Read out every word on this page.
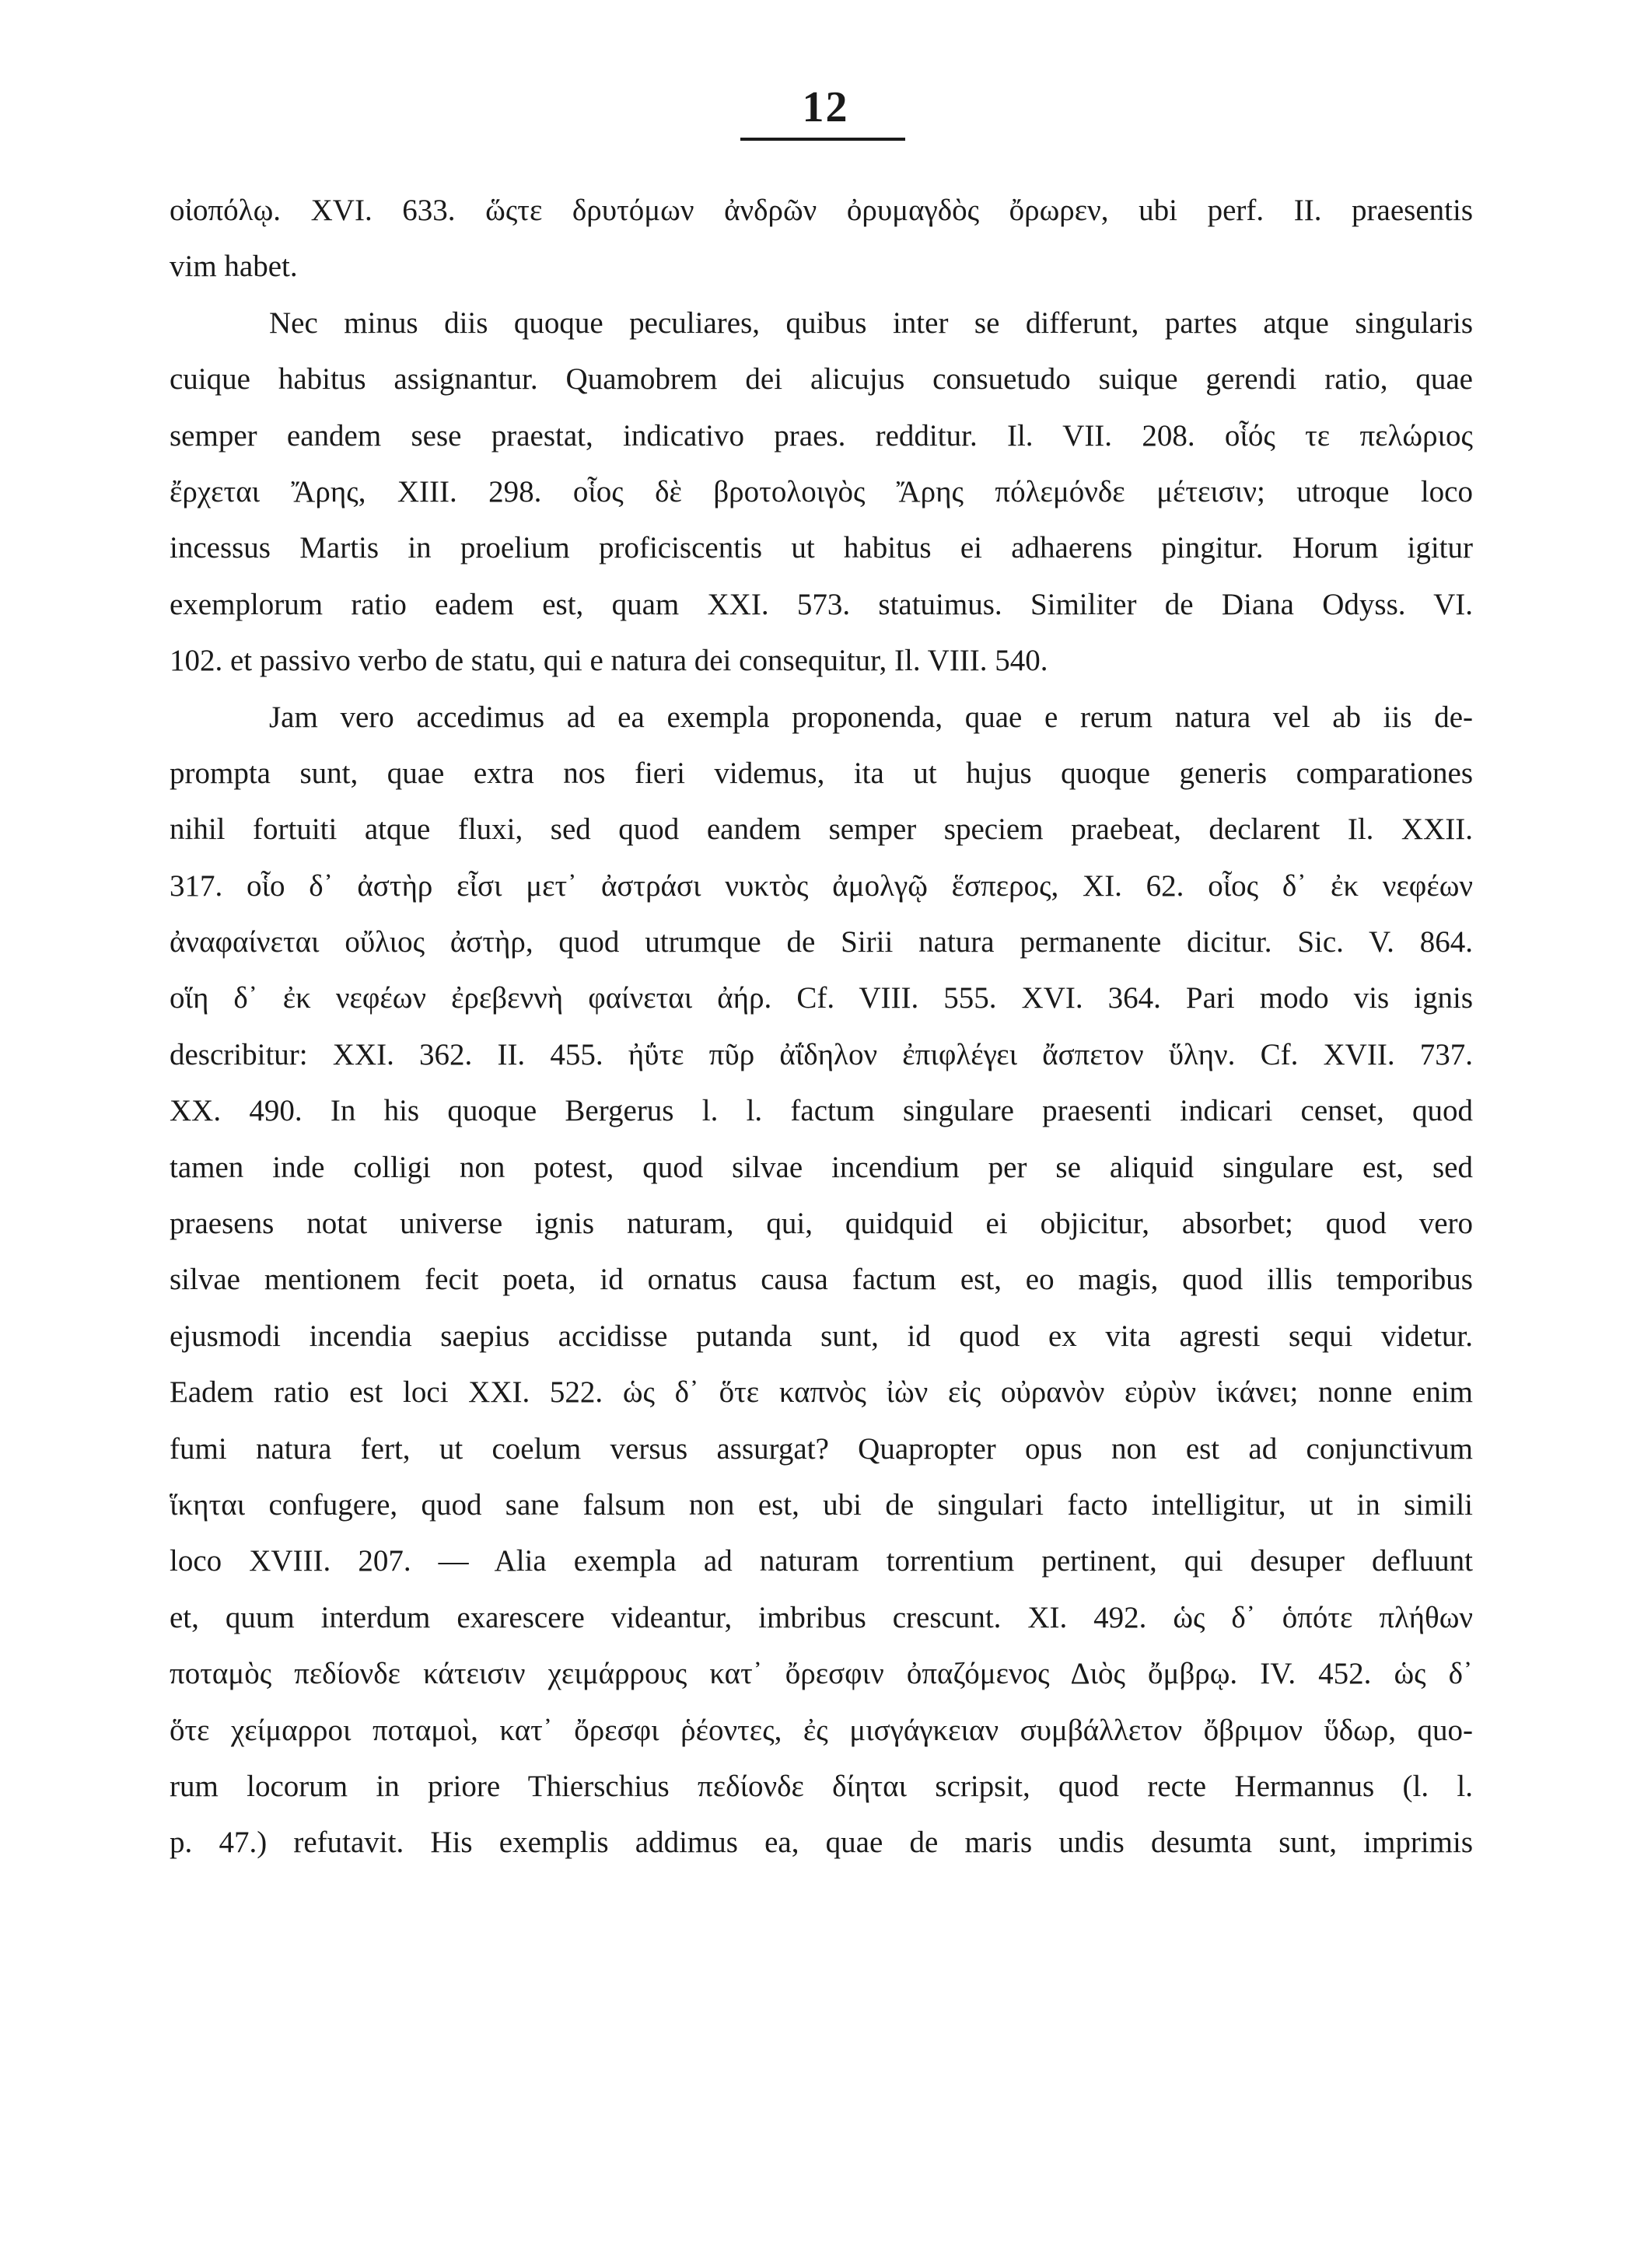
12
οἰοπόλῳ. XVI. 633. ὥςτε δρυτόμων ἀνδρῶν ὀρυμαγδὸς ὄρωρεν, ubi perf. II. praesentis
vim habet.
Nec minus diis quoque peculiares, quibus inter se differunt, partes atque singularis
cuique habitus assignantur. Quamobrem dei alicujus consuetudo suique gerendi ratio, quae
semper eandem sese praestat, indicativo praes. redditur. Il. VII. 208. οἷός τε πελώριος
ἔρχεται Ἄρης, XIII. 298. οἷος δὲ βροτολοιγὸς Ἄρης πόλεμόνδε μέτεισιν; utroque loco
incessus Martis in proelium proficiscentis ut habitus ei adhaerens pingitur. Horum igitur
exemplorum ratio eadem est, quam XXI. 573. statuimus. Similiter de Diana Odyss. VI.
102. et passivo verbo de statu, qui e natura dei consequitur, Il. VIII. 540.
Jam vero accedimus ad ea exempla proponenda, quae e rerum natura vel ab iis de-
prompta sunt, quae extra nos fieri videmus, ita ut hujus quoque generis comparationes
nihil fortuiti atque fluxi, sed quod eandem semper speciem praebeat, declarent Il. XXII.
317. οἷο δ᾽ ἀστὴρ εἶσι μετ᾽ ἀστράσι νυκτὸς ἀμολγῷ ἕσπερος, XI. 62. οἷος δ᾽ ἐκ νεφέων
ἀναφαίνεται οὔλιος ἀστὴρ, quod utrumque de Sirii natura permanente dicitur. Sic. V. 864.
οἵη δ᾽ ἐκ νεφέων ἐρεβεννὴ φαίνεται ἀήρ. Cf. VIII. 555. XVI. 364. Pari modo vis ignis
describitur: XXI. 362. II. 455. ἠΰτε πῦρ ἀΐδηλον ἐπιφλέγει ἄσπετον ὕλην. Cf. XVII. 737.
XX. 490. In his quoque Bergerus l. l. factum singulare praesenti indicari censet, quod
tamen inde colligi non potest, quod silvae incendium per se aliquid singulare est, sed
praesens notat universe ignis naturam, qui, quidquid ei objicitur, absorbet; quod vero
silvae mentionem fecit poeta, id ornatus causa factum est, eo magis, quod illis temporibus
ejusmodi incendia saepius accidisse putanda sunt, id quod ex vita agresti sequi videtur.
Eadem ratio est loci XXI. 522. ὡς δ᾽ ὅτε καπνὸς ἰὼν εἰς οὐρανὸν εὐρὺν ἱκάνει; nonne enim
fumi natura fert, ut coelum versus assurgat? Quapropter opus non est ad conjunctivum
ἵκηται confugere, quod sane falsum non est, ubi de singulari facto intelligitur, ut in simili
loco XVIII. 207. — Alia exempla ad naturam torrentium pertinent, qui desuper defluunt
et, quum interdum exarescere videantur, imbribus crescunt. XI. 492. ὡς δ᾽ ὁπότε πλήθων
ποταμὸς πεδίονδε κάτεισιν χειμάρρους κατ᾽ ὄρεσφιν ὀπαζόμενος Διὸς ὄμβρῳ. IV. 452. ὡς δ᾽
ὅτε χείμαρροι ποταμοὶ, κατ᾽ ὄρεσφι ῥέοντες, ἐς μισγάγκειαν συμβάλλετον ὄβριμον ὕδωρ, quo-
rum locorum in priore Thierschius πεδίονδε δίηται scripsit, quod recte Hermannus (l. l.
p. 47.) refutavit. His exemplis addimus ea, quae de maris undis desumta sunt, imprimis
